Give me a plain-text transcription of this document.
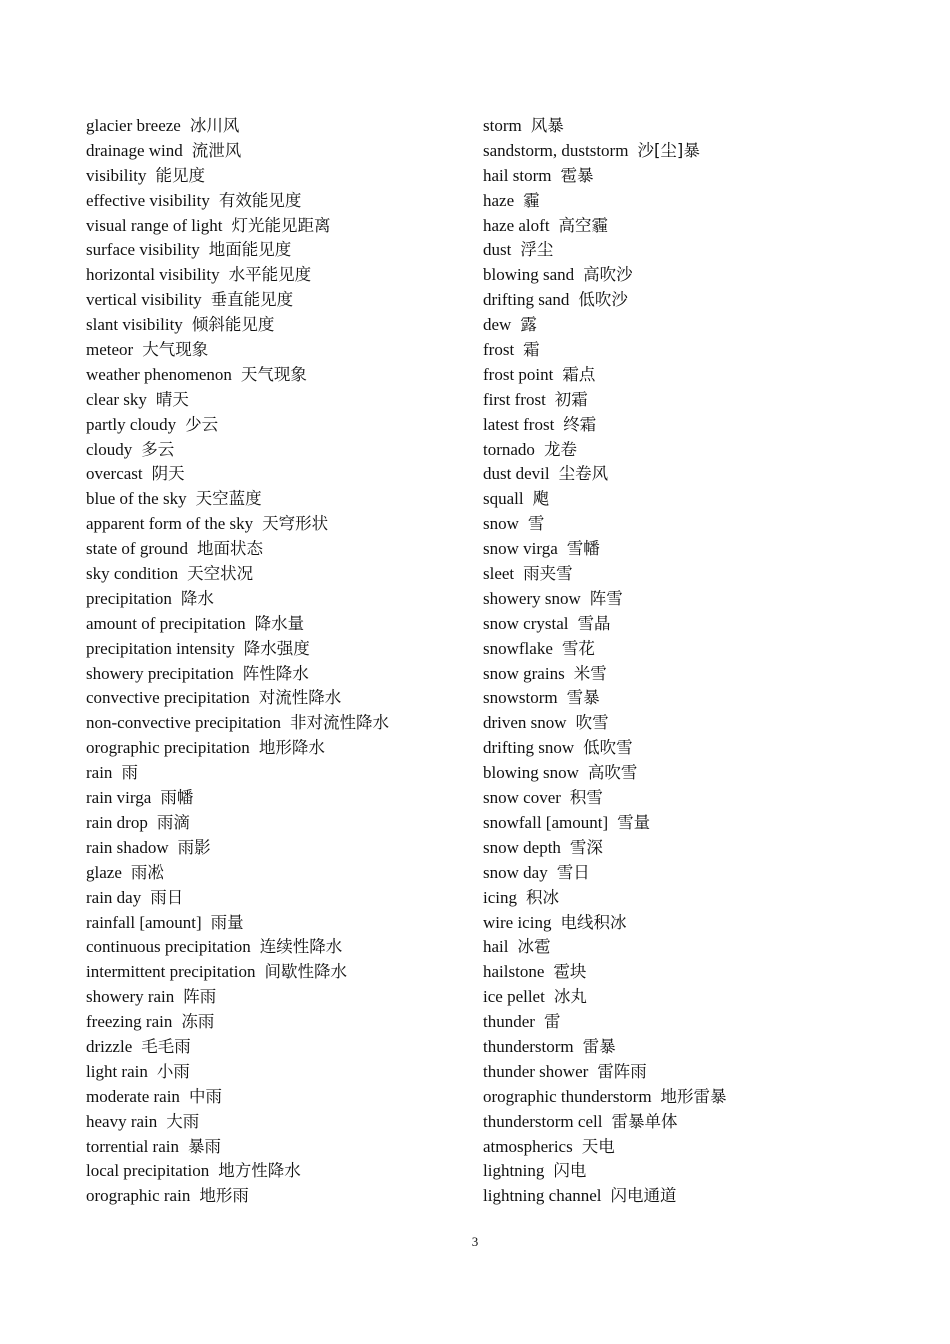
glacier breeze 冰川风
drainage wind 流泄风
visibility 能见度
effective visibility 有效能见度
visual range of light 灯光能见距离
surface visibility 地面能见度
horizontal visibility 水平能见度
vertical visibility 垂直能见度
slant visibility 倾斜能见度
meteor 大气现象
weather phenomenon 天气现象
clear sky 晴天
partly cloudy 少云
cloudy 多云
overcast 阴天
blue of the sky 天空蓝度
apparent form of the sky 天穹形状
state of ground 地面状态
sky condition 天空状况
precipitation 降水
amount of precipitation 降水量
precipitation intensity 降水强度
showery precipitation 阵性降水
convective precipitation 对流性降水
non-convective precipitation 非对流性降水
orographic precipitation 地形降水
rain 雨
rain virga 雨幡
rain drop 雨滴
rain shadow 雨影
glaze 雨凇
rain day 雨日
rainfall [amount] 雨量
continuous precipitation 连续性降水
intermittent precipitation 间歇性降水
showery rain 阵雨
freezing rain 冻雨
drizzle 毛毛雨
light rain 小雨
moderate rain 中雨
heavy rain 大雨
torrential rain 暴雨
local precipitation 地方性降水
orographic rain 地形雨
storm 风暴
sandstorm, duststorm 沙[尘]暴
hail storm 雹暴
haze 霾
haze aloft 高空霾
dust 浮尘
blowing sand 高吹沙
drifting sand 低吹沙
dew 露
frost 霜
frost point 霜点
first frost 初霜
latest frost 终霜
tornado 龙卷
dust devil 尘卷风
squall 飑
snow 雪
snow virga 雪幡
sleet 雨夹雪
showery snow 阵雪
snow crystal 雪晶
snowflake 雪花
snow grains 米雪
snowstorm 雪暴
driven snow 吹雪
drifting snow 低吹雪
blowing snow 高吹雪
snow cover 积雪
snowfall [amount] 雪量
snow depth 雪深
snow day 雪日
icing 积冰
wire icing 电线积冰
hail 冰雹
hailstone 雹块
ice pellet 冰丸
thunder 雷
thunderstorm 雷暴
thunder shower 雷阵雨
orographic thunderstorm 地形雷暴
thunderstorm cell 雷暴单体
atmospherics 天电
lightning 闪电
lightning channel 闪电通道
3
